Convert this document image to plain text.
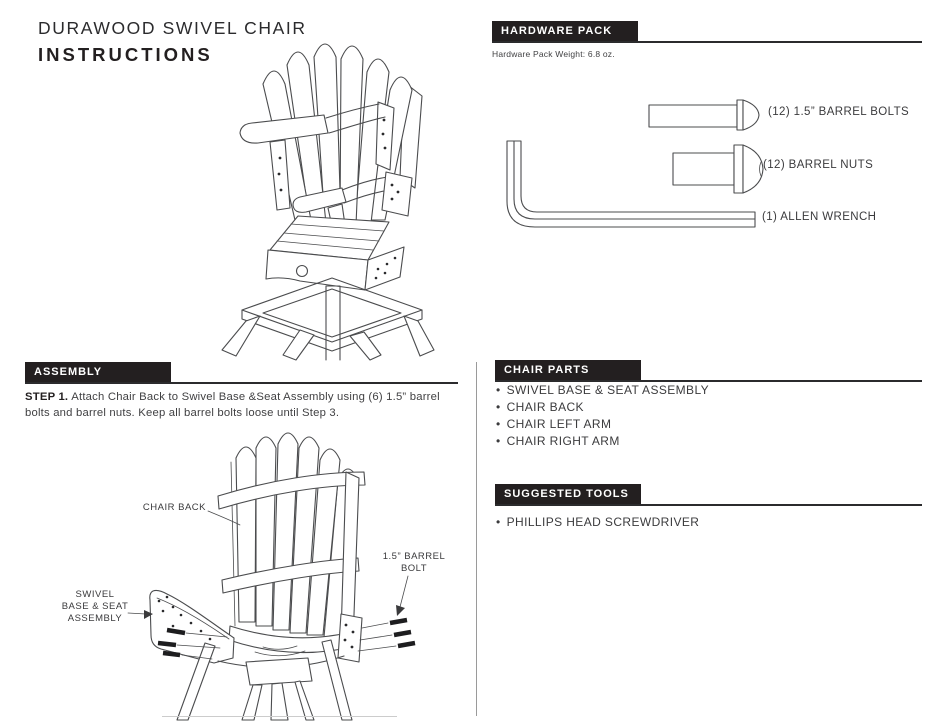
DURAWOOD SWIVEL CHAIR
INSTRUCTIONS
HARDWARE PACK
Hardware Pack Weight: 6.8 oz.
(12) 1.5” BARREL BOLTS
(12) BARREL NUTS
(1) ALLEN WRENCH
ASSEMBLY

STEP 1. Attach Chair Back to Swivel Base &Seat Assembly using (6) 1.5” barrel bolts and barrel nuts. Keep all barrel bolts loose until Step 3.

CHAIR BACK
1.5” BARREL
BOLT
SWIVEL
BASE & SEAT
ASSEMBLY
CHAIR PARTS
• SWIVEL BASE & SEAT ASSEMBLY
• CHAIR BACK
• CHAIR LEFT ARM
• CHAIR RIGHT ARM
SUGGESTED TOOLS
• PHILLIPS HEAD SCREWDRIVER
